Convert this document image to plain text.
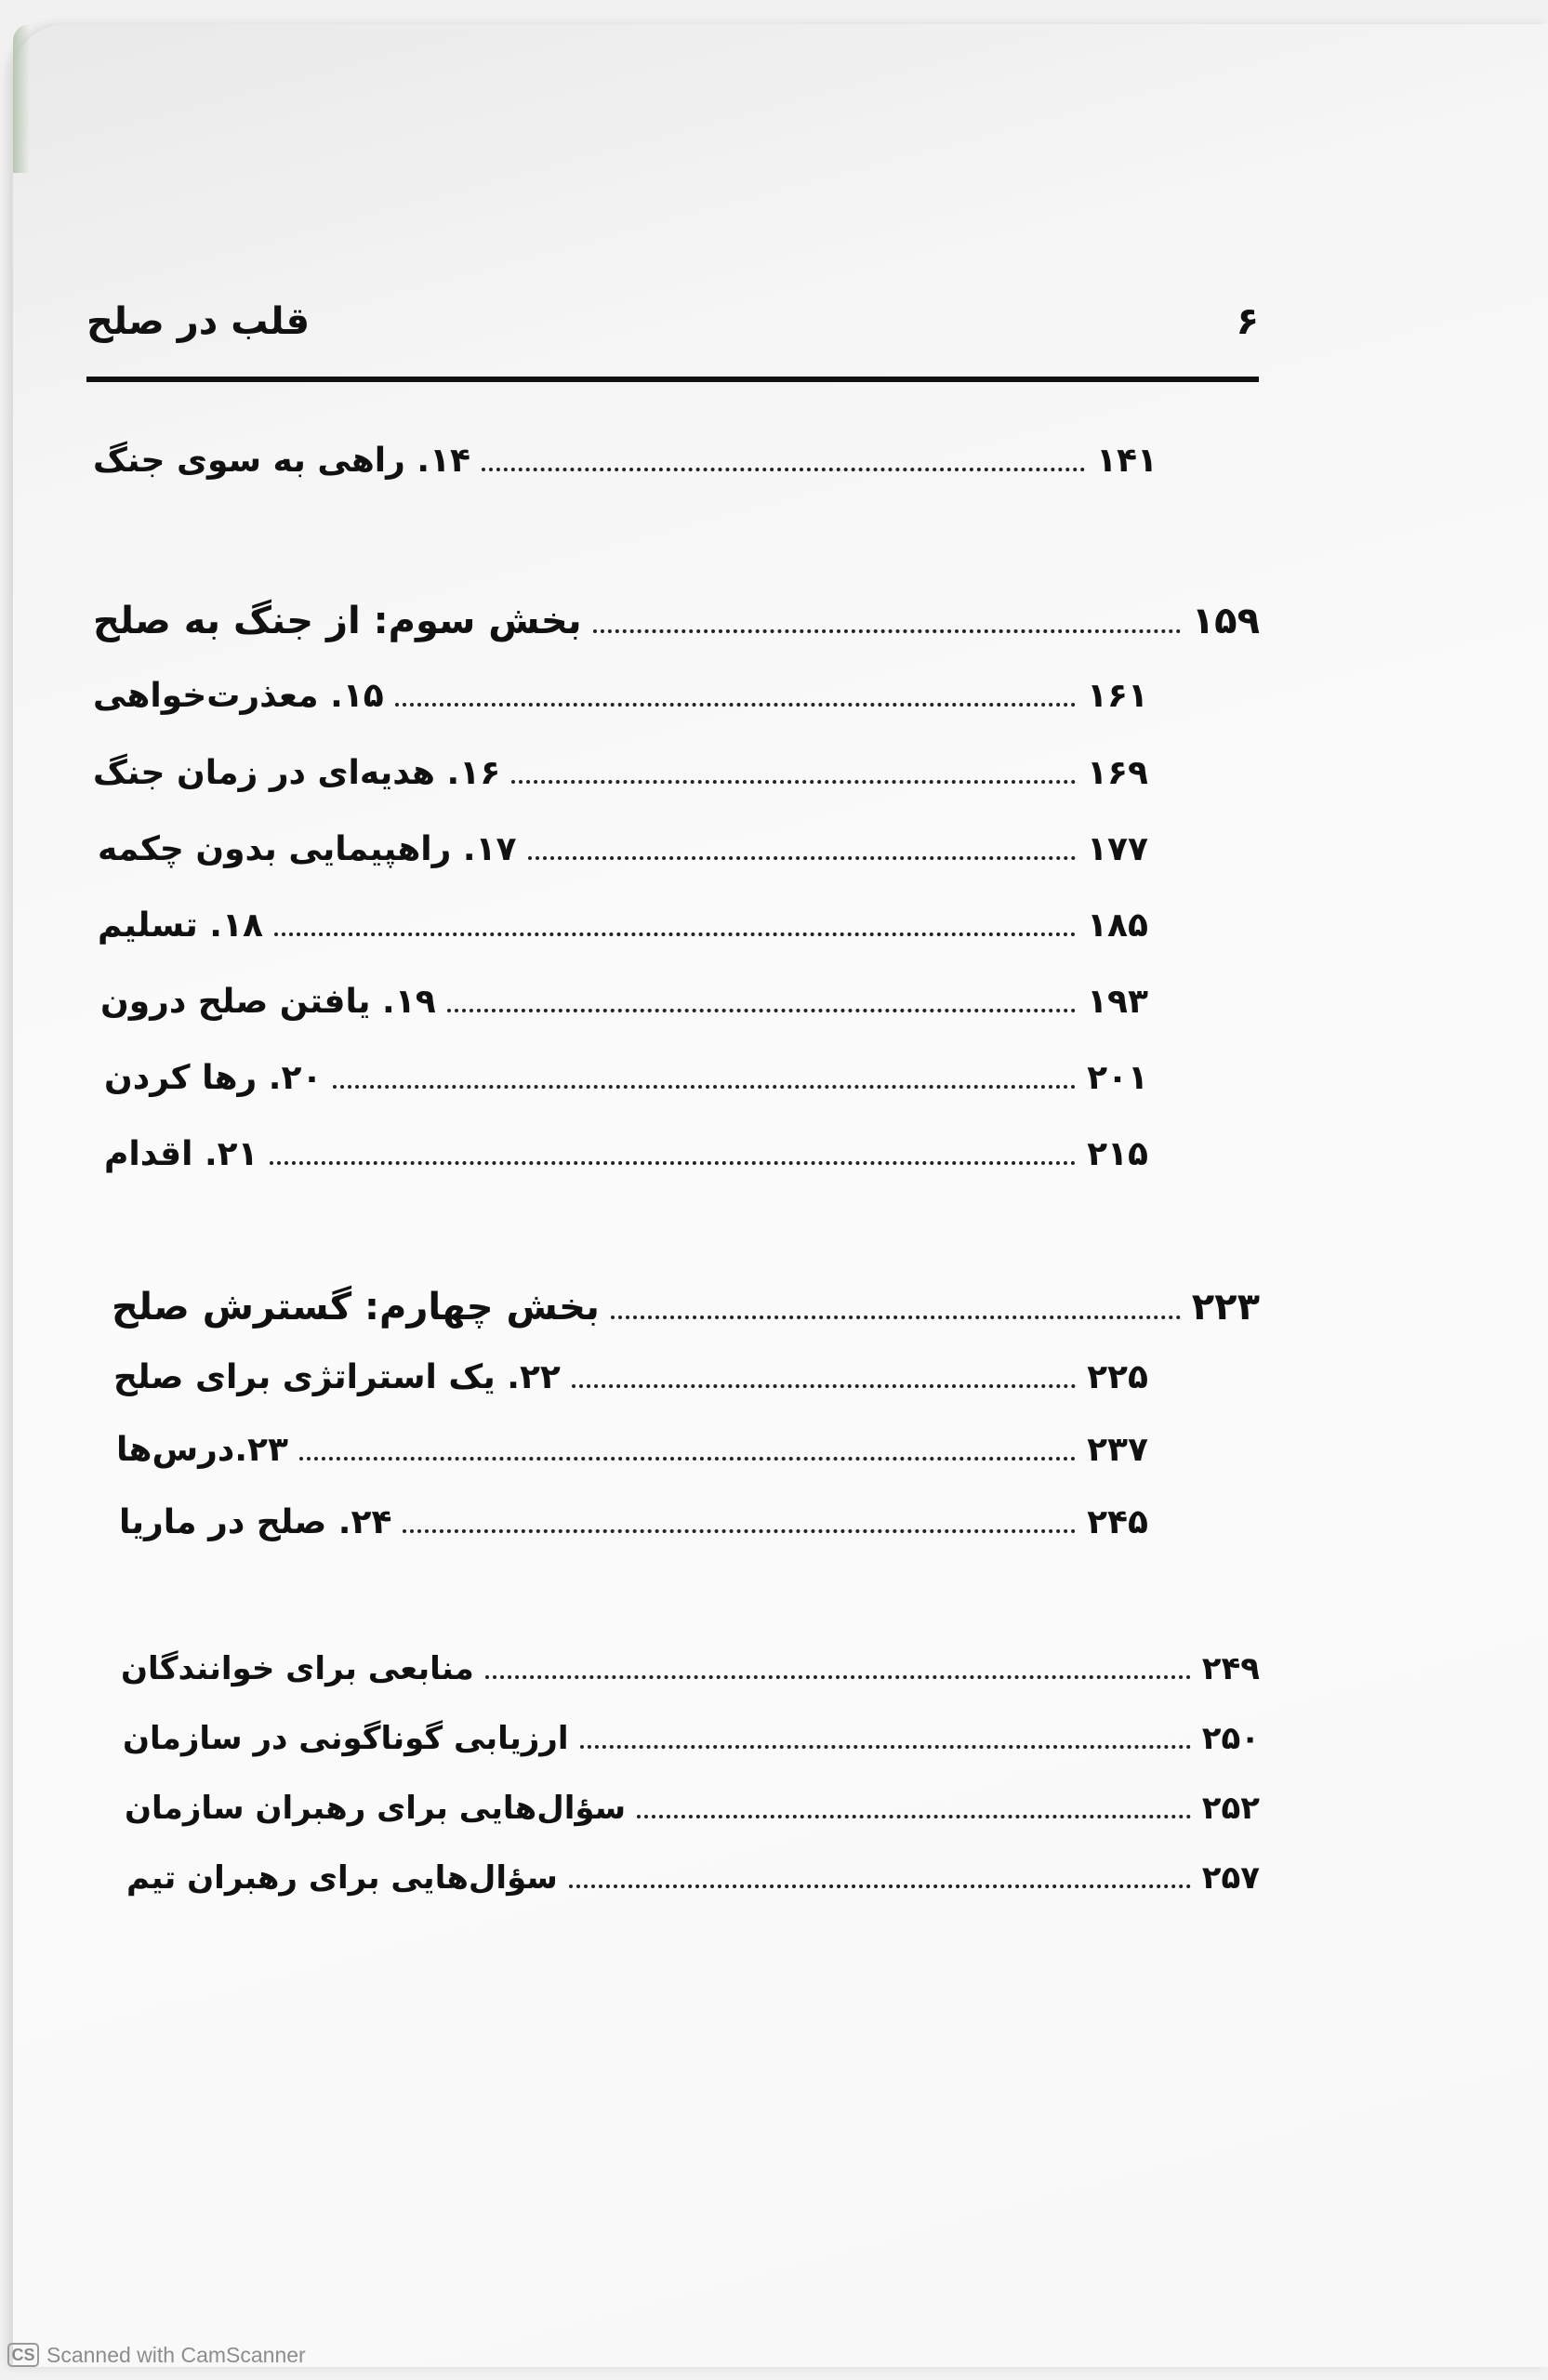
۶
قلب در صلح
۱۴. راهی به سوی جنگ	۱۴۱
بخش سوم: از جنگ به صلح	۱۵۹
۱۵. معذرت‌خواهی	۱۶۱
۱۶. هدیه‌ای در زمان جنگ	۱۶۹
۱۷. راهپیمایی بدون چکمه	۱۷۷
۱۸. تسلیم	۱۸۵
۱۹. یافتن صلح درون	۱۹۳
۲۰. رها کردن	۲۰۱
۲۱. اقدام	۲۱۵
بخش چهارم: گسترش صلح	۲۲۳
۲۲. یک استراتژی برای صلح	۲۲۵
۲۳.درس‌ها	۲۳۷
۲۴. صلح در ماریا	۲۴۵
منابعی برای خوانندگان	۲۴۹
ارزیابی گوناگونی در سازمان	۲۵۰
سؤال‌هایی برای رهبران سازمان	۲۵۲
سؤال‌هایی برای رهبران تیم	۲۵۷
CS Scanned with CamScanner
